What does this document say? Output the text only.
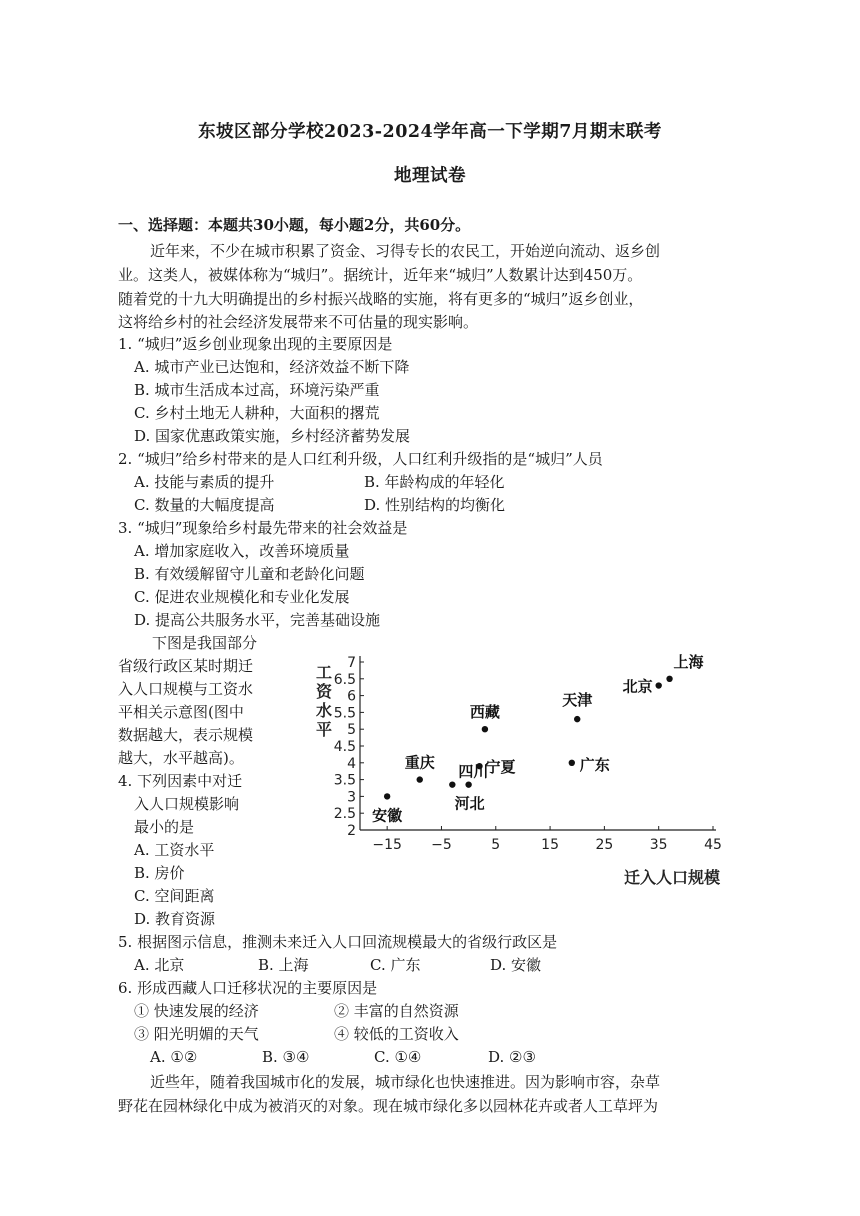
东坡区部分学校2023-2024学年高一下学期7月期末联考
地理试卷
一、选择题：本题共30小题，每小题2分，共60分。
近年来，不少在城市积累了资金、习得专长的农民工，开始逆向流动、返乡创
业。这类人，被媒体称为“城归”。据统计，近年来“城归”人数累计达到450万。
随着党的十九大明确提出的乡村振兴战略的实施，将有更多的“城归”返乡创业，
这将给乡村的社会经济发展带来不可估量的现实影响。
1. “城归”返乡创业现象出现的主要原因是
A. 城市产业已达饱和，经济效益不断下降
B. 城市生活成本过高，环境污染严重
C. 乡村土地无人耕种，大面积的撂荒
D. 国家优惠政策实施，乡村经济蓄势发展
2. “城归”给乡村带来的是人口红利升级，人口红利升级指的是“城归”人员
A. 技能与素质的提升	B. 年龄构成的年轻化
C. 数量的大幅度提高	D. 性别结构的均衡化
3. “城归”现象给乡村最先带来的社会效益是
A. 增加家庭收入，改善环境质量
B. 有效缓解留守儿童和老龄化问题
C. 促进农业规模化和专业化发展
D. 提高公共服务水平，完善基础设施
下图是我国部分
省级行政区某时期迁
入人口规模与工资水
平相关示意图(图中
数据越大，表示规模
越大，水平越高)。
4. 下列因素中对迁
入人口规模影响
最小的是
A. 工资水平
B. 房价
C. 空间距离
D. 教育资源
−15 −5	5	15	25	35	45
2
2.5
3
3.5
4
4.5
5
5.5
6
6.5
7
工
资
水
平
迁入人口规模
上海
北京
天津
广东
西藏
宁夏
四川
河北
重庆
安徽
5. 根据图示信息，推测未来迁入人口回流规模最大的省级行政区是
A. 北京	B. 上海	C. 广东	D. 安徽
6. 形成西藏人口迁移状况的主要原因是
① 快速发展的经济	② 丰富的自然资源
③ 阳光明媚的天气	④ 较低的工资收入
A. ①②	B. ③④	C. ①④	D. ②③
近些年，随着我国城市化的发展，城市绿化也快速推进。因为影响市容，杂草
野花在园林绿化中成为被消灭的对象。现在城市绿化多以园林花卉或者人工草坪为
